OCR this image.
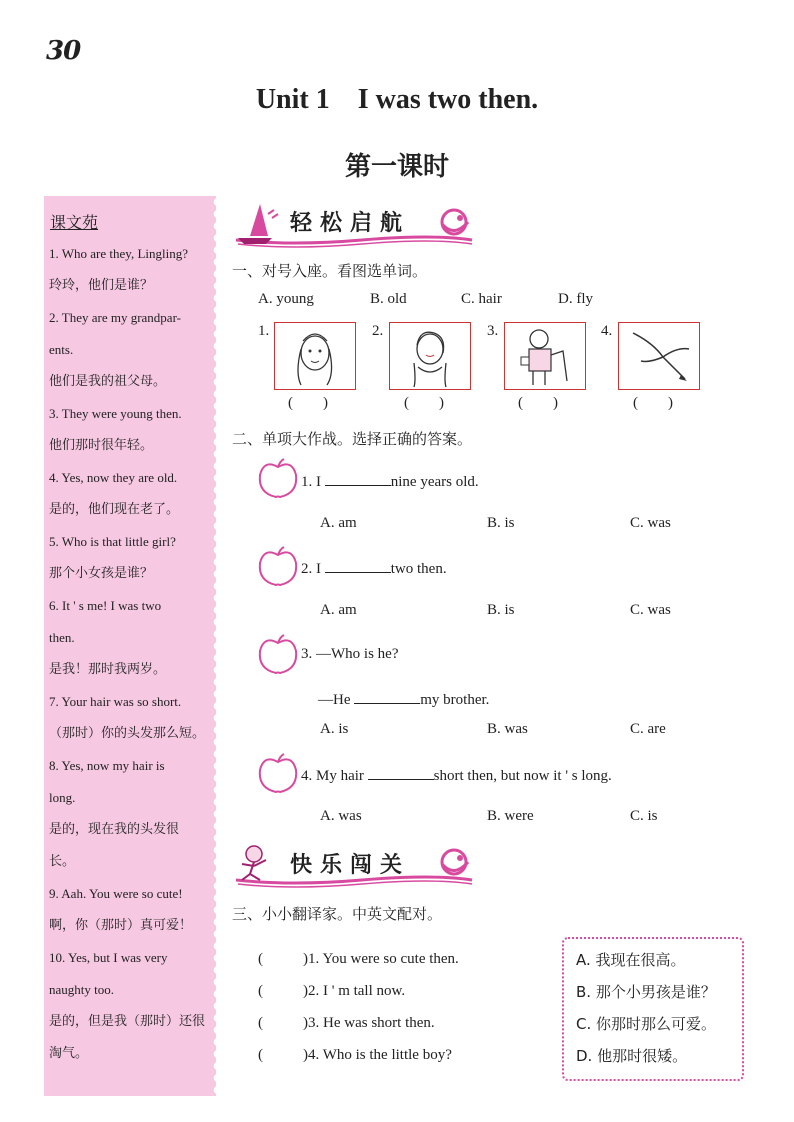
30
Unit 1    I was two then.
第一课时
课文苑
1. Who are they, Lingling?
玲玲，他们是谁？
2. They are my grandpar-
ents.
他们是我的祖父母。
3. They were young then.
他们那时很年轻。
4. Yes, now they are old.
是的，他们现在老了。
5. Who is that little girl?
那个小女孩是谁？
6. It ' s me! I was two
then.
是我！那时我两岁。
7. Your hair was so short.
（那时）你的头发那么短。
8. Yes, now my hair is
long.
是的，现在我的头发很
长。
9. Aah. You were so cute!
啊，你（那时）真可爱！
10. Yes, but I was very
naughty too.
是的，但是我（那时）还很
淘气。
轻松启航
一、对号入座。看图选单词。
A. young	B. old	C. hair	D. fly
1.	2.	3.	4.
(        )	(        )	(        )	(        )
二、单项大作战。选择正确的答案。
1. I	nine years old.
A. am	B. is	C. was
2. I	two then.
A. am	B. is	C. was
3. —Who is he?
—He	my brother.
A. is	B. was	C. are
4. My hair	short then, but now it ' s long.
A. was	B. were	C. is
快乐闯关
三、小小翻译家。中英文配对。
(	)1. You were so cute then.
(	)2. I ' m tall now.
(	)3. He was short then.
(	)4. Who is the little boy?
A. 我现在很高。
B. 那个小男孩是谁？
C. 你那时那么可爱。
D. 他那时很矮。
